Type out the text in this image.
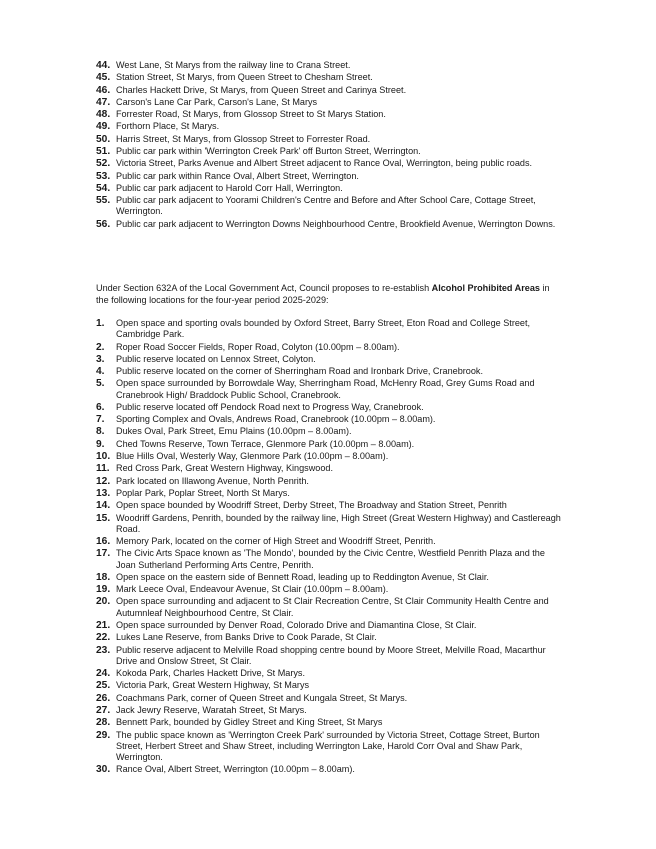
44. West Lane, St Marys from the railway line to Crana Street.
45. Station Street, St Marys, from Queen Street to Chesham Street.
46. Charles Hackett Drive, St Marys, from Queen Street and Carinya Street.
47. Carson's Lane Car Park, Carson's Lane, St Marys
48. Forrester Road, St Marys, from Glossop Street to St Marys Station.
49. Forthorn Place, St Marys.
50. Harris Street, St Marys, from Glossop Street to Forrester Road.
51. Public car park within 'Werrington Creek Park' off Burton Street, Werrington.
52. Victoria Street, Parks Avenue and Albert Street adjacent to Rance Oval, Werrington, being public roads.
53. Public car park within Rance Oval, Albert Street, Werrington.
54. Public car park adjacent to Harold Corr Hall, Werrington.
55. Public car park adjacent to Yoorami Children's Centre and Before and After School Care, Cottage Street, Werrington.
56. Public car park adjacent to Werrington Downs Neighbourhood Centre, Brookfield Avenue, Werrington Downs.

Under Section 632A of the Local Government Act, Council proposes to re-establish Alcohol Prohibited Areas in the following locations for the four-year period 2025-2029:

1.	Open space and sporting ovals bounded by Oxford Street, Barry Street, Eton Road and College Street, Cambridge Park.
2.	Roper Road Soccer Fields, Roper Road, Colyton (10.00pm – 8.00am).
3.	Public reserve located on Lennox Street, Colyton.
4.	Public reserve located on the corner of Sherringham Road and Ironbark Drive, Cranebrook.
5.	Open space surrounded by Borrowdale Way, Sherringham Road, McHenry Road, Grey Gums Road and Cranebrook High/ Braddock Public School, Cranebrook.
6.	Public reserve located off Pendock Road next to Progress Way, Cranebrook.
7.	Sporting Complex and Ovals, Andrews Road, Cranebrook (10.00pm – 8.00am).
8.	Dukes Oval, Park Street, Emu Plains (10.00pm – 8.00am).
9.	Ched Towns Reserve, Town Terrace, Glenmore Park (10.00pm – 8.00am).
10. Blue Hills Oval, Westerly Way, Glenmore Park (10.00pm – 8.00am).
11. Red Cross Park, Great Western Highway, Kingswood.
12. Park located on Illawong Avenue, North Penrith.
13. Poplar Park, Poplar Street, North St Marys.
14. Open space bounded by Woodriff Street, Derby Street, The Broadway and Station Street, Penrith
15. Woodriff Gardens, Penrith, bounded by the railway line, High Street (Great Western Highway) and Castlereagh Road.
16. Memory Park, located on the corner of High Street and Woodriff Street, Penrith.
17. The Civic Arts Space known as 'The Mondo', bounded by the Civic Centre, Westfield Penrith Plaza and the Joan Sutherland Performing Arts Centre, Penrith.
18. Open space on the eastern side of Bennett Road, leading up to Reddington Avenue, St Clair.
19. Mark Leece Oval, Endeavour Avenue, St Clair (10.00pm – 8.00am).
20. Open space surrounding and adjacent to St Clair Recreation Centre, St Clair Community Health Centre and Autumnleaf Neighbourhood Centre, St Clair.
21. Open space surrounded by Denver Road, Colorado Drive and Diamantina Close, St Clair.
22. Lukes Lane Reserve, from Banks Drive to Cook Parade, St Clair.
23. Public reserve adjacent to Melville Road shopping centre bound by Moore Street, Melville Road, Macarthur Drive and Onslow Street, St Clair.
24. Kokoda Park, Charles Hackett Drive, St Marys.
25. Victoria Park, Great Western Highway, St Marys
26. Coachmans Park, corner of Queen Street and Kungala Street, St Marys.
27. Jack Jewry Reserve, Waratah Street, St Marys.
28. Bennett Park, bounded by Gidley Street and King Street, St Marys
29. The public space known as 'Werrington Creek Park' surrounded by Victoria Street, Cottage Street, Burton Street, Herbert Street and Shaw Street, including Werrington Lake, Harold Corr Oval and Shaw Park, Werrington.
30. Rance Oval, Albert Street, Werrington (10.00pm – 8.00am).
